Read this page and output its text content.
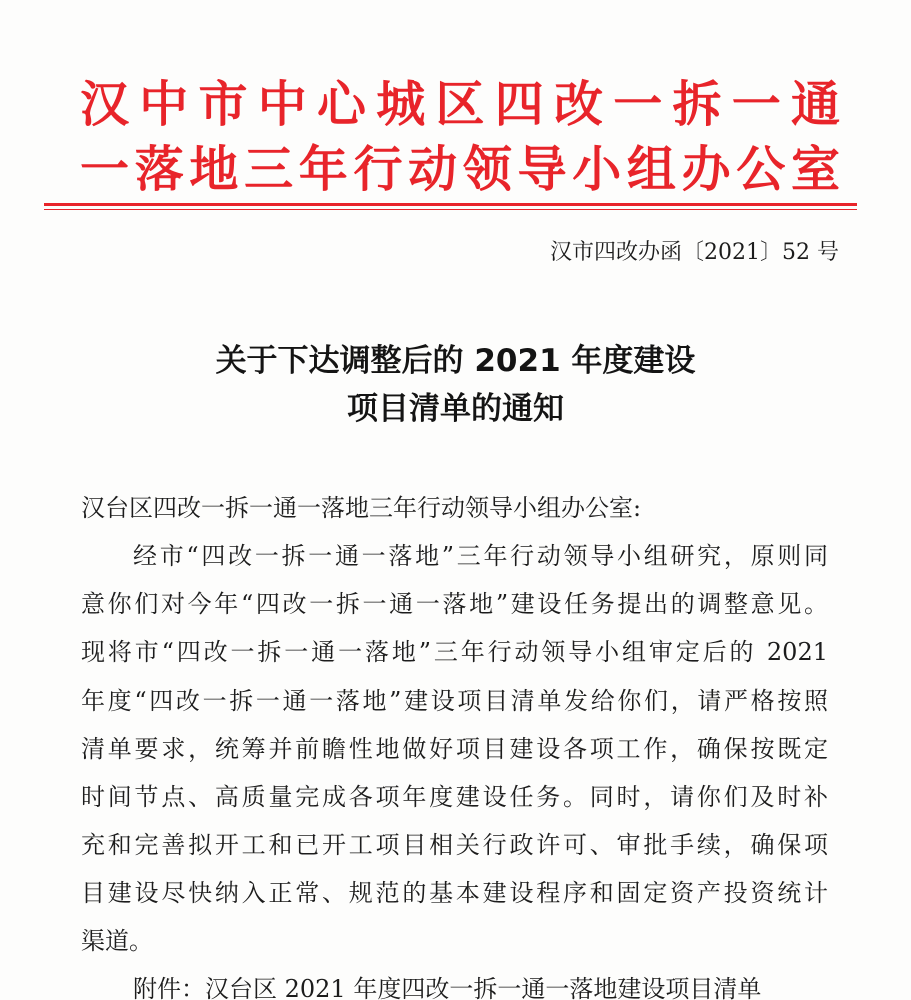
汉中市中心城区四改一拆一通
一落地三年行动领导小组办公室
汉市四改办函〔2021〕52 号
关于下达调整后的 2021 年度建设
项目清单的通知
汉台区四改一拆一通一落地三年行动领导小组办公室:
经市“四改一拆一通一落地”三年行动领导小组研究，原则同
意你们对今年“四改一拆一通一落地”建设任务提出的调整意见。
现将市“四改一拆一通一落地”三年行动领导小组审定后的 2021
年度“四改一拆一通一落地”建设项目清单发给你们，请严格按照
清单要求，统筹并前瞻性地做好项目建设各项工作，确保按既定
时间节点、高质量完成各项年度建设任务。同时，请你们及时补
充和完善拟开工和已开工项目相关行政许可、审批手续，确保项
目建设尽快纳入正常、规范的基本建设程序和固定资产投资统计
渠道。
附件：汉台区 2021 年度四改一拆一通一落地建设项目清单
